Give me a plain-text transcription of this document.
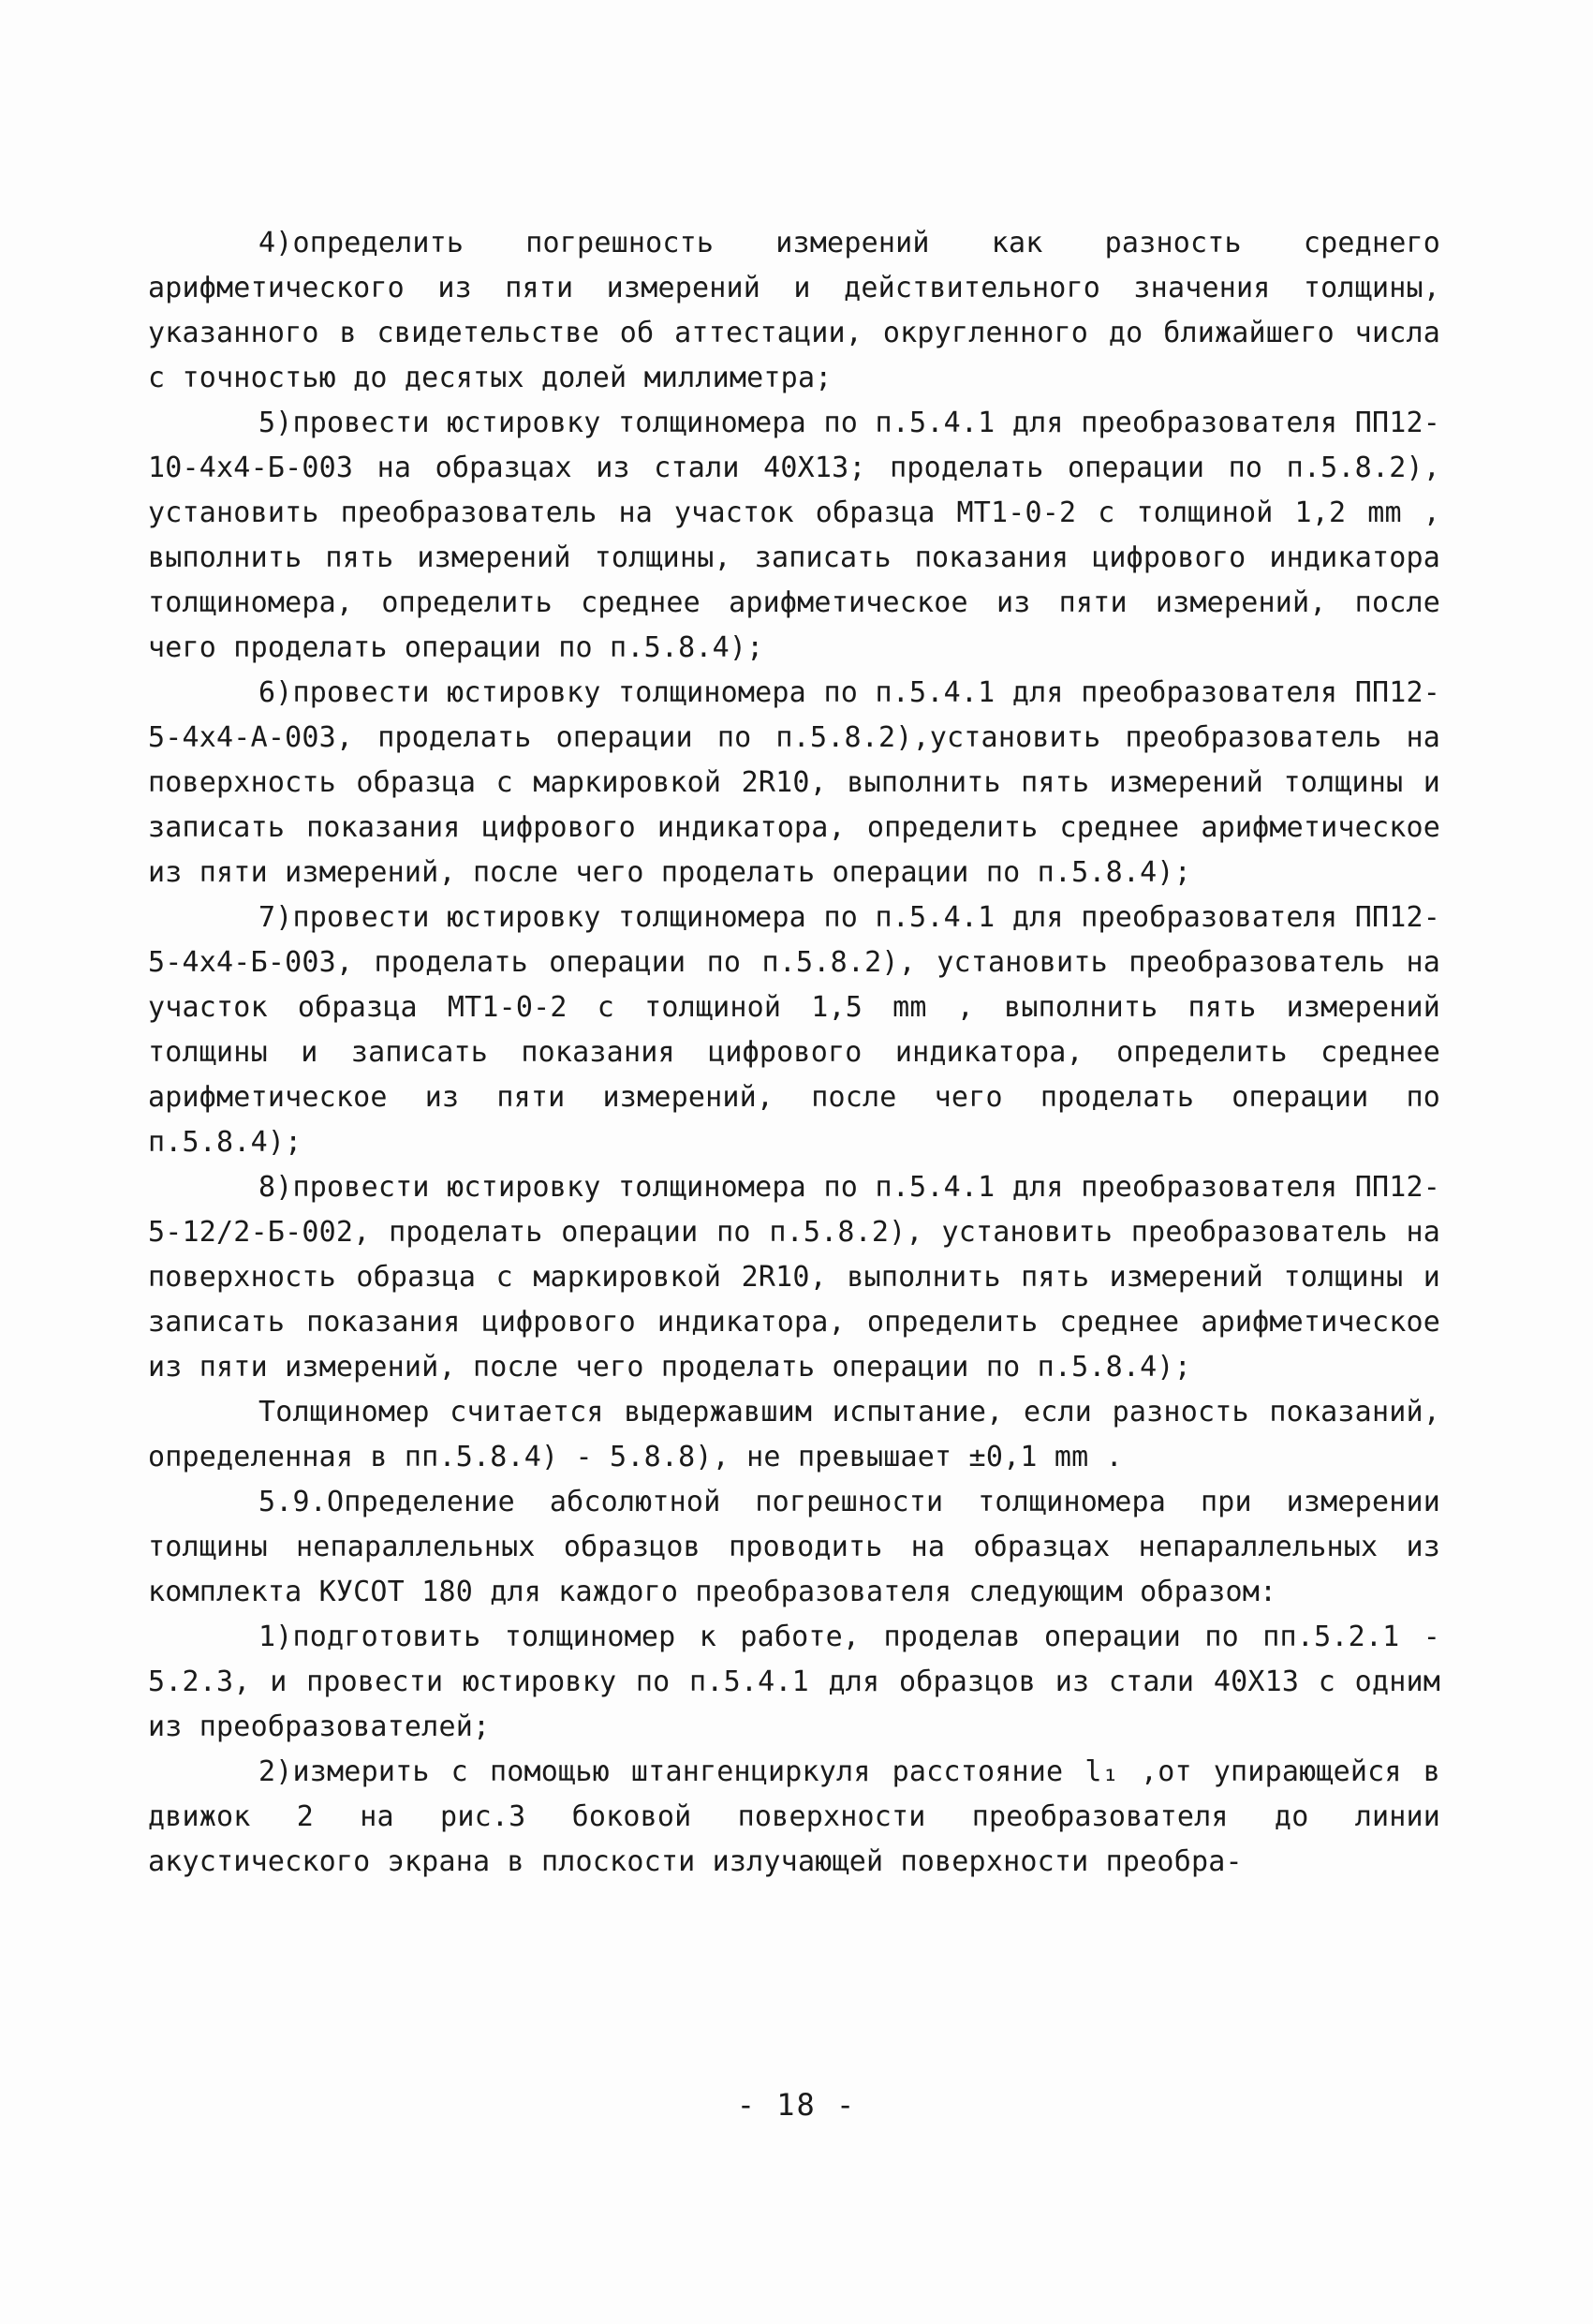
4)определить погрешность измерений как разность среднего арифметического из пяти измерений и действительного значения толщины, указанного в свидетельстве об аттестации, округленного до ближайшего числа с точностью до десятых долей миллиметра;

5)провести юстировку толщиномера по п.5.4.1 для преобразователя ПП12-10-4х4-Б-003 на образцах из стали 40Х13; проделать операции по п.5.8.2), установить преобразователь на участок образца МТ1-0-2 с толщиной 1,2 mm , выполнить пять измерений толщины, записать показания цифрового индикатора толщиномера, определить среднее арифметическое из пяти измерений, после чего проделать операции по п.5.8.4);

6)провести юстировку толщиномера по п.5.4.1 для преобразователя ПП12-5-4х4-А-003, проделать операции по п.5.8.2),установить преобразователь на поверхность образца с маркировкой 2R10, выполнить пять измерений толщины и записать показания цифрового индикатора, определить среднее арифметическое из пяти измерений, после чего проделать операции по п.5.8.4);

7)провести юстировку толщиномера по п.5.4.1 для преобразователя ПП12-5-4х4-Б-003, проделать операции по п.5.8.2), установить преобразователь на участок образца МТ1-0-2 с толщиной 1,5 mm , выполнить пять измерений толщины и записать показания цифрового индикатора, определить среднее арифметическое из пяти измерений, после чего проделать операции по п.5.8.4);

8)провести юстировку толщиномера по п.5.4.1 для преобразователя ПП12-5-12/2-Б-002, проделать операции по п.5.8.2), установить преобразователь на поверхность образца с маркировкой 2R10, выполнить пять измерений толщины и записать показания цифрового индикатора, определить среднее арифметическое из пяти измерений, после чего проделать операции по п.5.8.4);

Толщиномер считается выдержавшим испытание, если разность показаний, определенная в пп.5.8.4) - 5.8.8), не превышает ±0,1 mm .

5.9.Определение абсолютной погрешности толщиномера при измерении толщины непараллельных образцов проводить на образцах непараллельных из комплекта КУСОТ 180 для каждого преобразователя следующим образом:

1)подготовить толщиномер к работе, проделав операции по пп.5.2.1 - 5.2.3, и провести юстировку по п.5.4.1 для образцов из стали 40Х13 с одним из преобразователей;

2)измерить с помощью штангенциркуля расстояние l₁ ,от упирающейся в движок 2 на рис.3 боковой поверхности преобразователя до линии акустического экрана в плоскости излучающей поверхности преобра-

- 18 -
